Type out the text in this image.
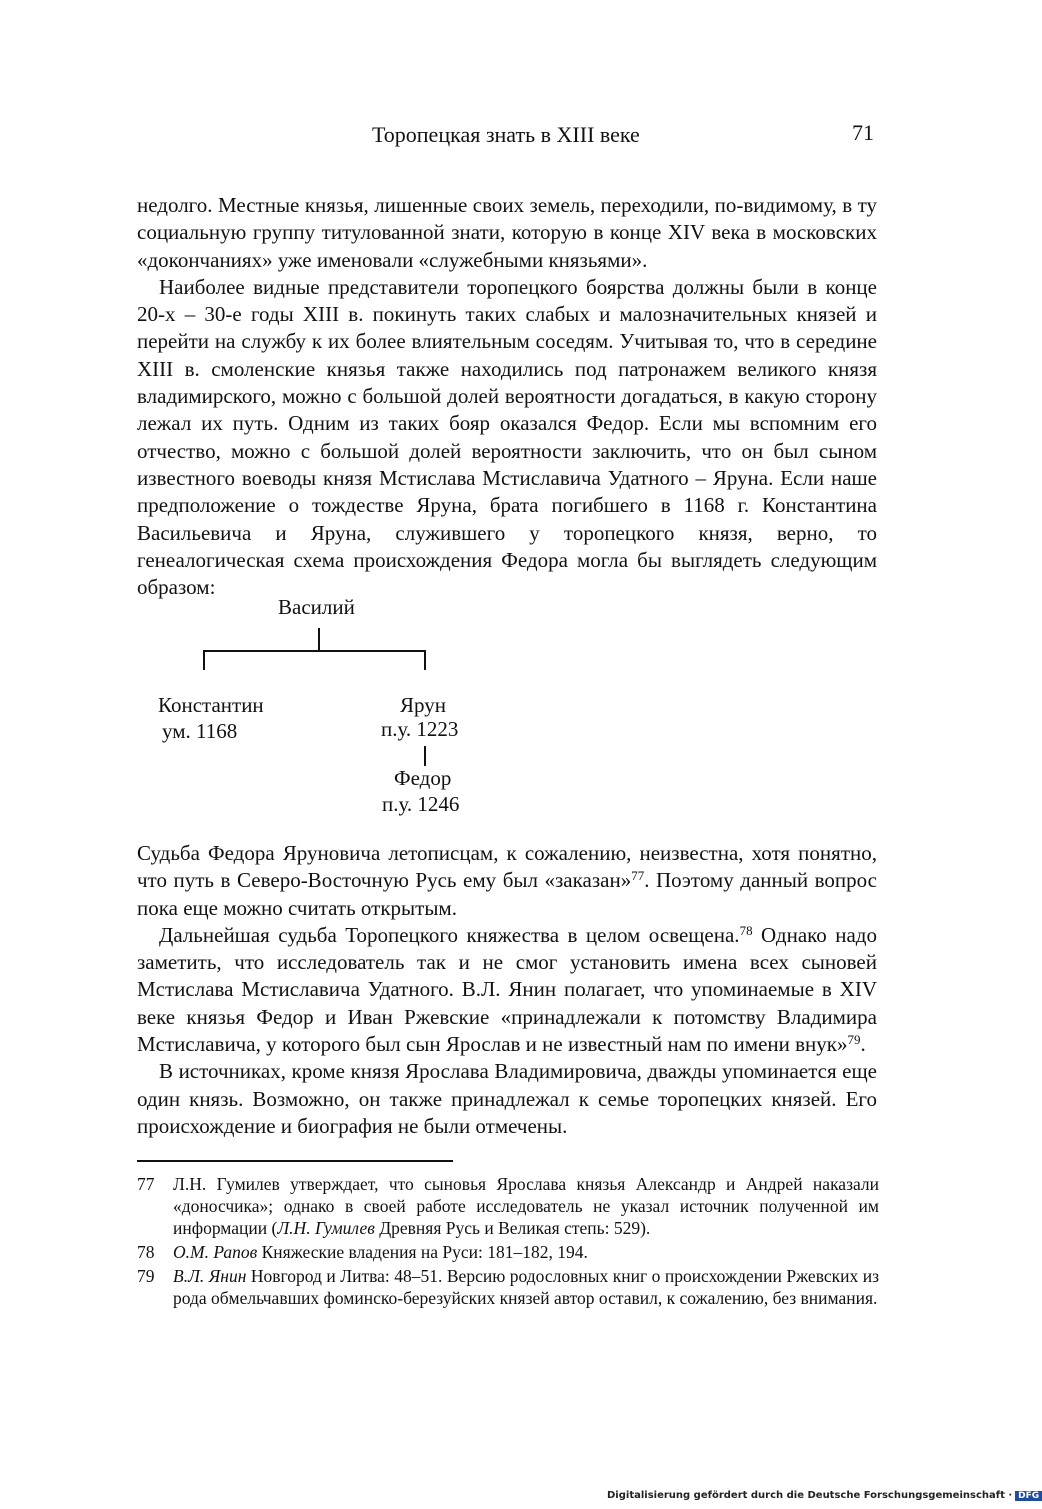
Торопецкая знать в XIII веке	71

недолго. Местные князья, лишенные своих земель, переходили, по-видимому, в ту социальную группу титулованной знати, которую в конце XIV века в московских «докончаниях» уже именовали «служебными князьями».

Наиболее видные представители торопецкого боярства должны были в конце 20-х – 30-е годы XIII в. покинуть таких слабых и малозначительных князей и перейти на службу к их более влиятельным соседям. Учитывая то, что в середине XIII в. смоленские князья также находились под патронажем великого князя владимирского, можно с большой долей вероятности догадаться, в какую сторону лежал их путь. Одним из таких бояр оказался Федор. Если мы вспомним его отчество, можно с большой долей вероятности заключить, что он был сыном известного воеводы князя Мстислава Мстиславича Удатного – Яруна. Если наше предположение о тождестве Яруна, брата погибшего в 1168 г. Константина Васильевича и Яруна, служившего у торопецкого князя, верно, то генеалогическая схема происхождения Федора могла бы выглядеть следующим образом:

Василий
Константин
ум. 1168
Ярун
п.у. 1223
Федор
п.у. 1246

Судьба Федора Яруновича летописцам, к сожалению, неизвестна, хотя понятно, что путь в Северо-Восточную Русь ему был «заказан»$^{77}$. Поэтому данный вопрос пока еще можно считать открытым.

Дальнейшая судьба Торопецкого княжества в целом освещена.$^{78}$ Однако надо заметить, что исследователь так и не смог установить имена всех сыновей Мстислава Мстиславича Удатного. В.Л. Янин полагает, что упоминаемые в XIV веке князья Федор и Иван Ржевские «принадлежали к потомству Владимира Мстиславича, у которого был сын Ярослав и не известный нам по имени внук»$^{79}$.

В источниках, кроме князя Ярослава Владимировича, дважды упоминается еще один князь. Возможно, он также принадлежал к семье торопецких князей. Его происхождение и биография не были отмечены.

77 Л.Н. Гумилев утверждает, что сыновья Ярослава князья Александр и Андрей наказали «доносчика»; однако в своей работе исследователь не указал источник полученной им информации (Л.Н. Гумилев Древняя Русь и Великая степь: 529).
78 О.М. Рапов Княжеские владения на Руси: 181–182, 194.
79 В.Л. Янин Новгород и Литва: 48–51. Версию родословных книг о происхождении Ржевских из рода обмельчавших фоминско-березуйских князей автор оставил, к сожалению, без внимания.
Digitalisierung gefördert durch die Deutsche Forschungsgemeinschaft · DFG
